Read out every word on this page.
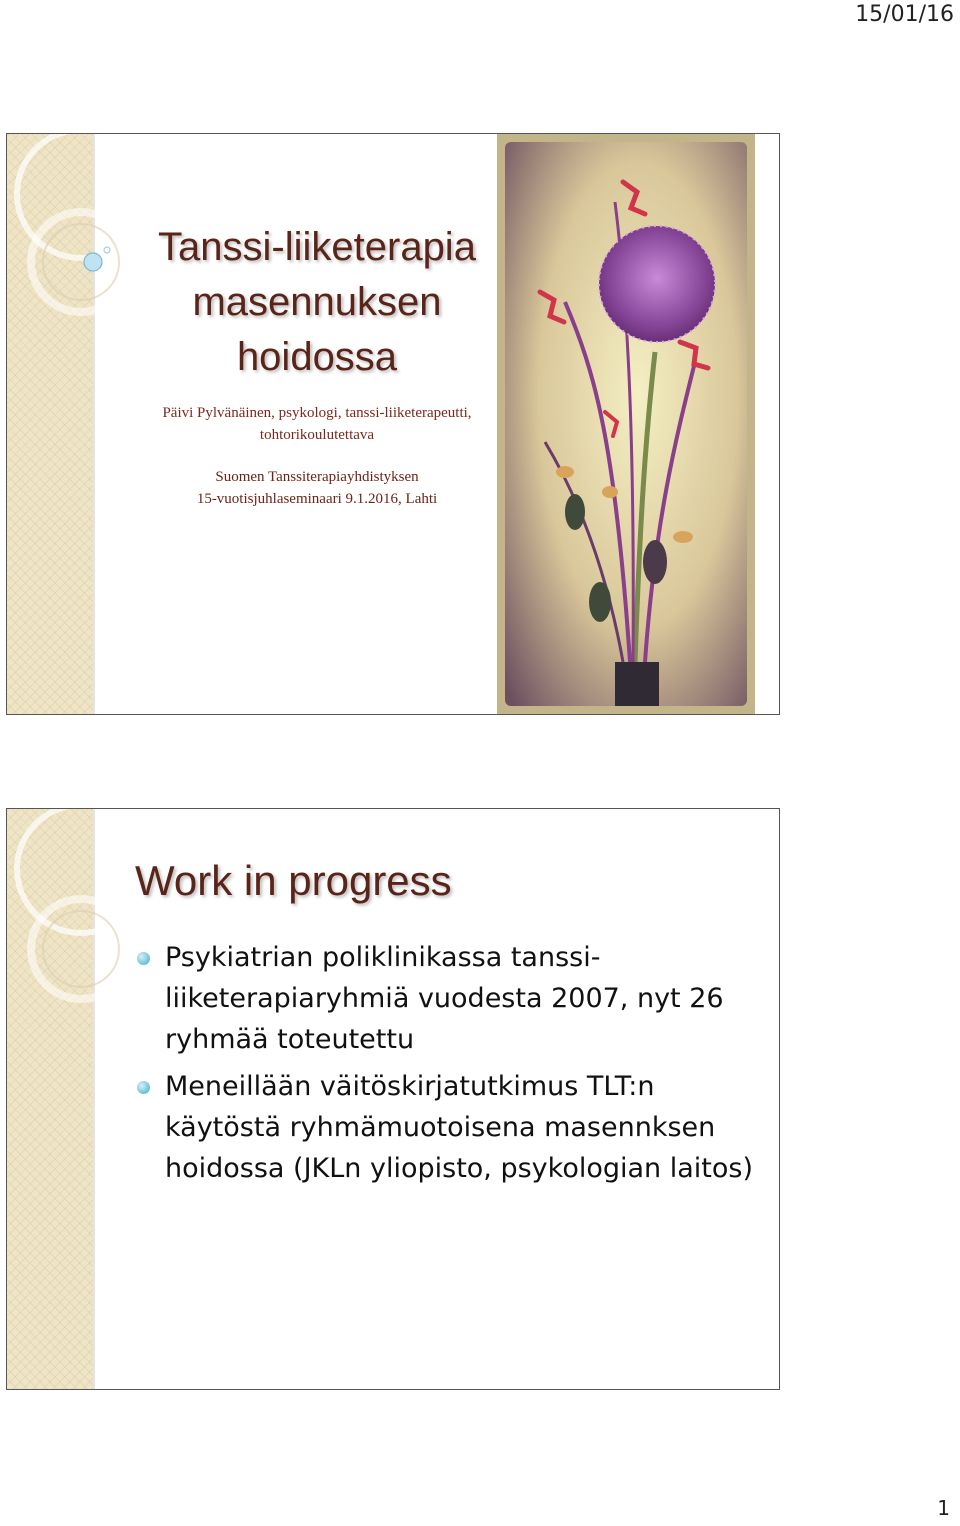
15/01/16
Tanssi-liiketerapia
masennuksen
hoidossa
Päivi Pylvänäinen, psykologi, tanssi-liiketerapeutti,
tohtorikoulutettava
Suomen Tanssiterapiayhdistyksen
15-vuotisjuhlaseminaari 9.1.2016, Lahti
Work in progress
Psykiatrian poliklinikassa tanssi-liiketerapiaryhmiä vuodesta 2007, nyt 26 ryhmää toteutettu
Meneillään väitöskirjatutkimus TLT:n käytöstä ryhmämuotoisena masennksen hoidossa (JKLn yliopisto, psykologian laitos)
1
